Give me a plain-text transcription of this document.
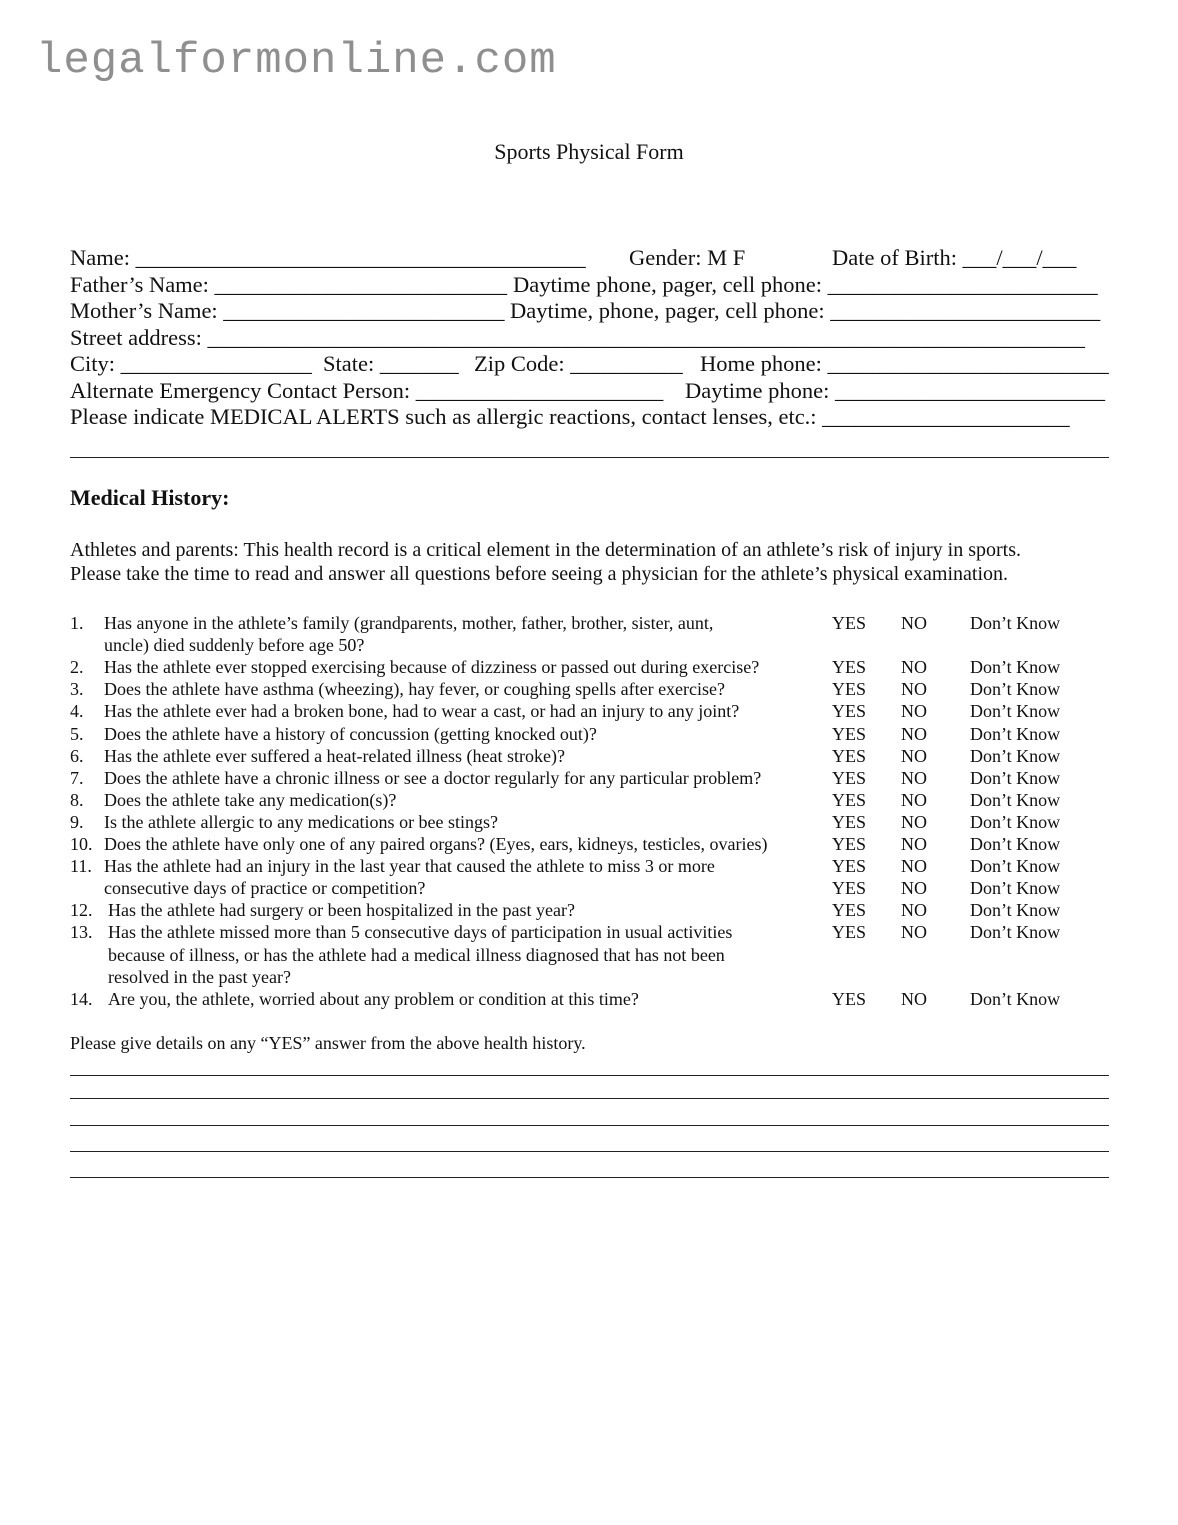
legalformonline.com
Sports Physical Form
Name: ________________________________________ Gender: M F	Date of Birth: ___/___/___
Father’s Name: __________________________ Daytime phone, pager, cell phone: ________________________
Mother’s Name: _________________________ Daytime, phone, pager, cell phone: ________________________
Street address: ______________________________________________________________________________
City: _________________ State: _______ Zip Code: __________ Home phone: _________________________
Alternate Emergency Contact Person: ______________________ Daytime phone: ________________________
Please indicate MEDICAL ALERTS such as allergic reactions, contact lenses, etc.: ______________________
Medical History:
Athletes and parents: This health record is a critical element in the determination of an athlete’s risk of injury in sports.
Please take the time to read and answer all questions before seeing a physician for the athlete’s physical examination.
1. Has anyone in the athlete’s family (grandparents, mother, father, brother, sister, aunt,	YES NO Don’t Know
uncle) died suddenly before age 50?
2. Has the athlete ever stopped exercising because of dizziness or passed out during exercise?	YES NO Don’t Know
3. Does the athlete have asthma (wheezing), hay fever, or coughing spells after exercise?	YES NO Don’t Know
4. Has the athlete ever had a broken bone, had to wear a cast, or had an injury to any joint?	YES NO Don’t Know
5. Does the athlete have a history of concussion (getting knocked out)?	YES NO Don’t Know
6. Has the athlete ever suffered a heat-related illness (heat stroke)?	YES NO Don’t Know
7. Does the athlete have a chronic illness or see a doctor regularly for any particular problem?	YES NO Don’t Know
8. Does the athlete take any medication(s)?	YES NO Don’t Know
9. Is the athlete allergic to any medications or bee stings?	YES NO Don’t Know
10. Does the athlete have only one of any paired organs? (Eyes, ears, kidneys, testicles, ovaries)	YES NO Don’t Know
11. Has the athlete had an injury in the last year that caused the athlete to miss 3 or more	YES NO Don’t Know
consecutive days of practice or competition?	YES NO Don’t Know
12. Has the athlete had surgery or been hospitalized in the past year?	YES NO Don’t Know
13. Has the athlete missed more than 5 consecutive days of participation in usual activities	YES NO Don’t Know
because of illness, or has the athlete had a medical illness diagnosed that has not been
resolved in the past year?
14. Are you, the athlete, worried about any problem or condition at this time?	YES NO Don’t Know
Please give details on any “YES” answer from the above health history.
